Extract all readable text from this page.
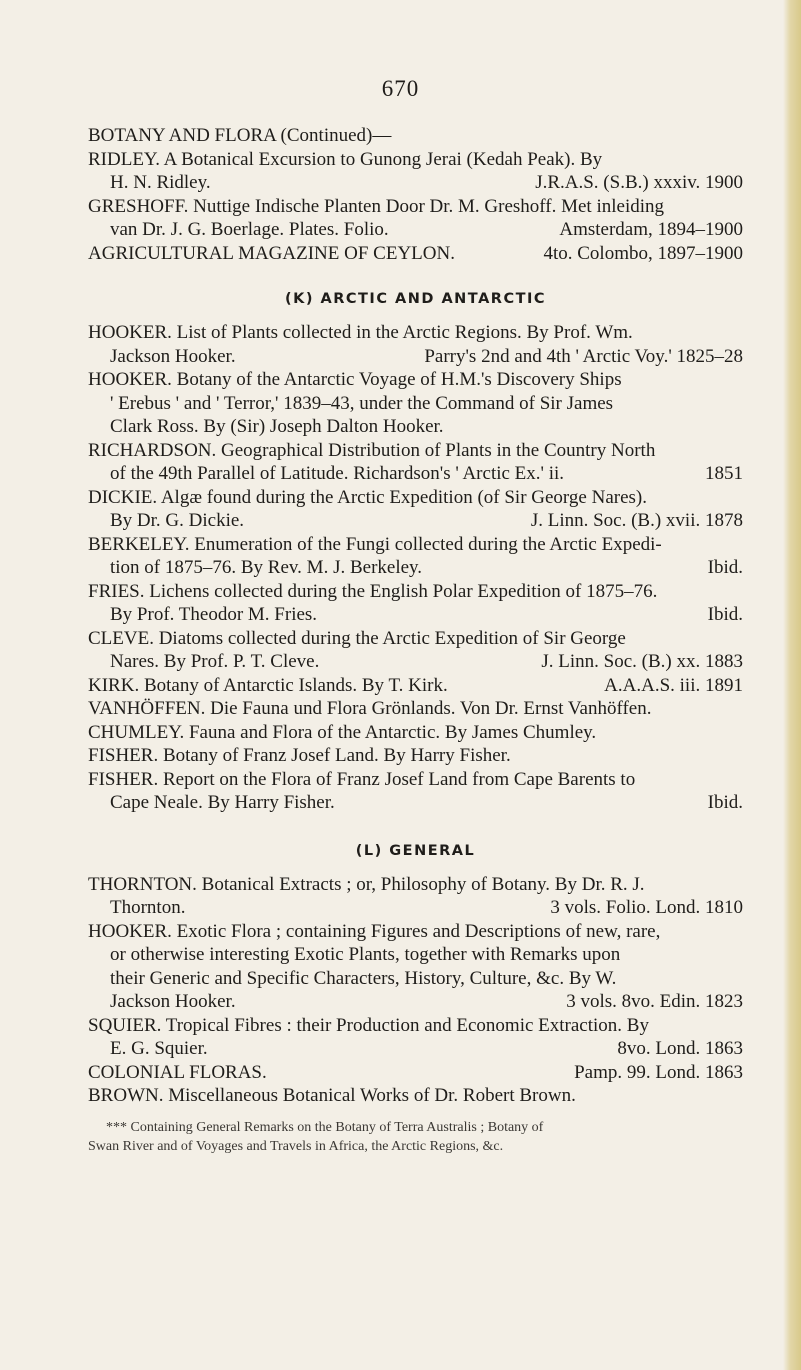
670
BOTANY AND FLORA (Continued)—
RIDLEY. A Botanical Excursion to Gunong Jerai (Kedah Peak). By
H. N. Ridley.	J.R.A.S. (S.B.) xxxiv. 1900
GRESHOFF. Nuttige Indische Planten Door Dr. M. Greshoff. Met inleiding
van Dr. J. G. Boerlage. Plates. Folio.	Amsterdam, 1894–1900
AGRICULTURAL MAGAZINE OF CEYLON.	4to. Colombo, 1897–1900
(K) ARCTIC AND ANTARCTIC
HOOKER. List of Plants collected in the Arctic Regions. By Prof. Wm.
Jackson Hooker.	Parry's 2nd and 4th ' Arctic Voy.' 1825–28
HOOKER. Botany of the Antarctic Voyage of H.M.'s Discovery Ships
' Erebus ' and ' Terror,' 1839–43, under the Command of Sir James
Clark Ross. By (Sir) Joseph Dalton Hooker.
RICHARDSON. Geographical Distribution of Plants in the Country North
of the 49th Parallel of Latitude. Richardson's ' Arctic Ex.' ii.	1851
DICKIE. Algæ found during the Arctic Expedition (of Sir George Nares).
By Dr. G. Dickie.	J. Linn. Soc. (B.) xvii. 1878
BERKELEY. Enumeration of the Fungi collected during the Arctic Expedi-
tion of 1875–76. By Rev. M. J. Berkeley.	Ibid.
FRIES. Lichens collected during the English Polar Expedition of 1875–76.
By Prof. Theodor M. Fries.	Ibid.
CLEVE. Diatoms collected during the Arctic Expedition of Sir George
Nares. By Prof. P. T. Cleve.	J. Linn. Soc. (B.) xx. 1883
KIRK. Botany of Antarctic Islands. By T. Kirk.	A.A.A.S. iii. 1891
VANHÖFFEN. Die Fauna und Flora Grönlands. Von Dr. Ernst Vanhöffen.
CHUMLEY. Fauna and Flora of the Antarctic. By James Chumley.
FISHER. Botany of Franz Josef Land. By Harry Fisher.
FISHER. Report on the Flora of Franz Josef Land from Cape Barents to
Cape Neale. By Harry Fisher.	Ibid.
(L) GENERAL
THORNTON. Botanical Extracts ; or, Philosophy of Botany. By Dr. R. J.
Thornton.	3 vols. Folio. Lond. 1810
HOOKER. Exotic Flora ; containing Figures and Descriptions of new, rare,
or otherwise interesting Exotic Plants, together with Remarks upon
their Generic and Specific Characters, History, Culture, &c. By W.
Jackson Hooker.	3 vols. 8vo. Edin. 1823
SQUIER. Tropical Fibres : their Production and Economic Extraction. By
E. G. Squier.	8vo. Lond. 1863
COLONIAL FLORAS.	Pamp. 99. Lond. 1863
BROWN. Miscellaneous Botanical Works of Dr. Robert Brown.
*** Containing General Remarks on the Botany of Terra Australis ; Botany of
Swan River and of Voyages and Travels in Africa, the Arctic Regions, &c.
